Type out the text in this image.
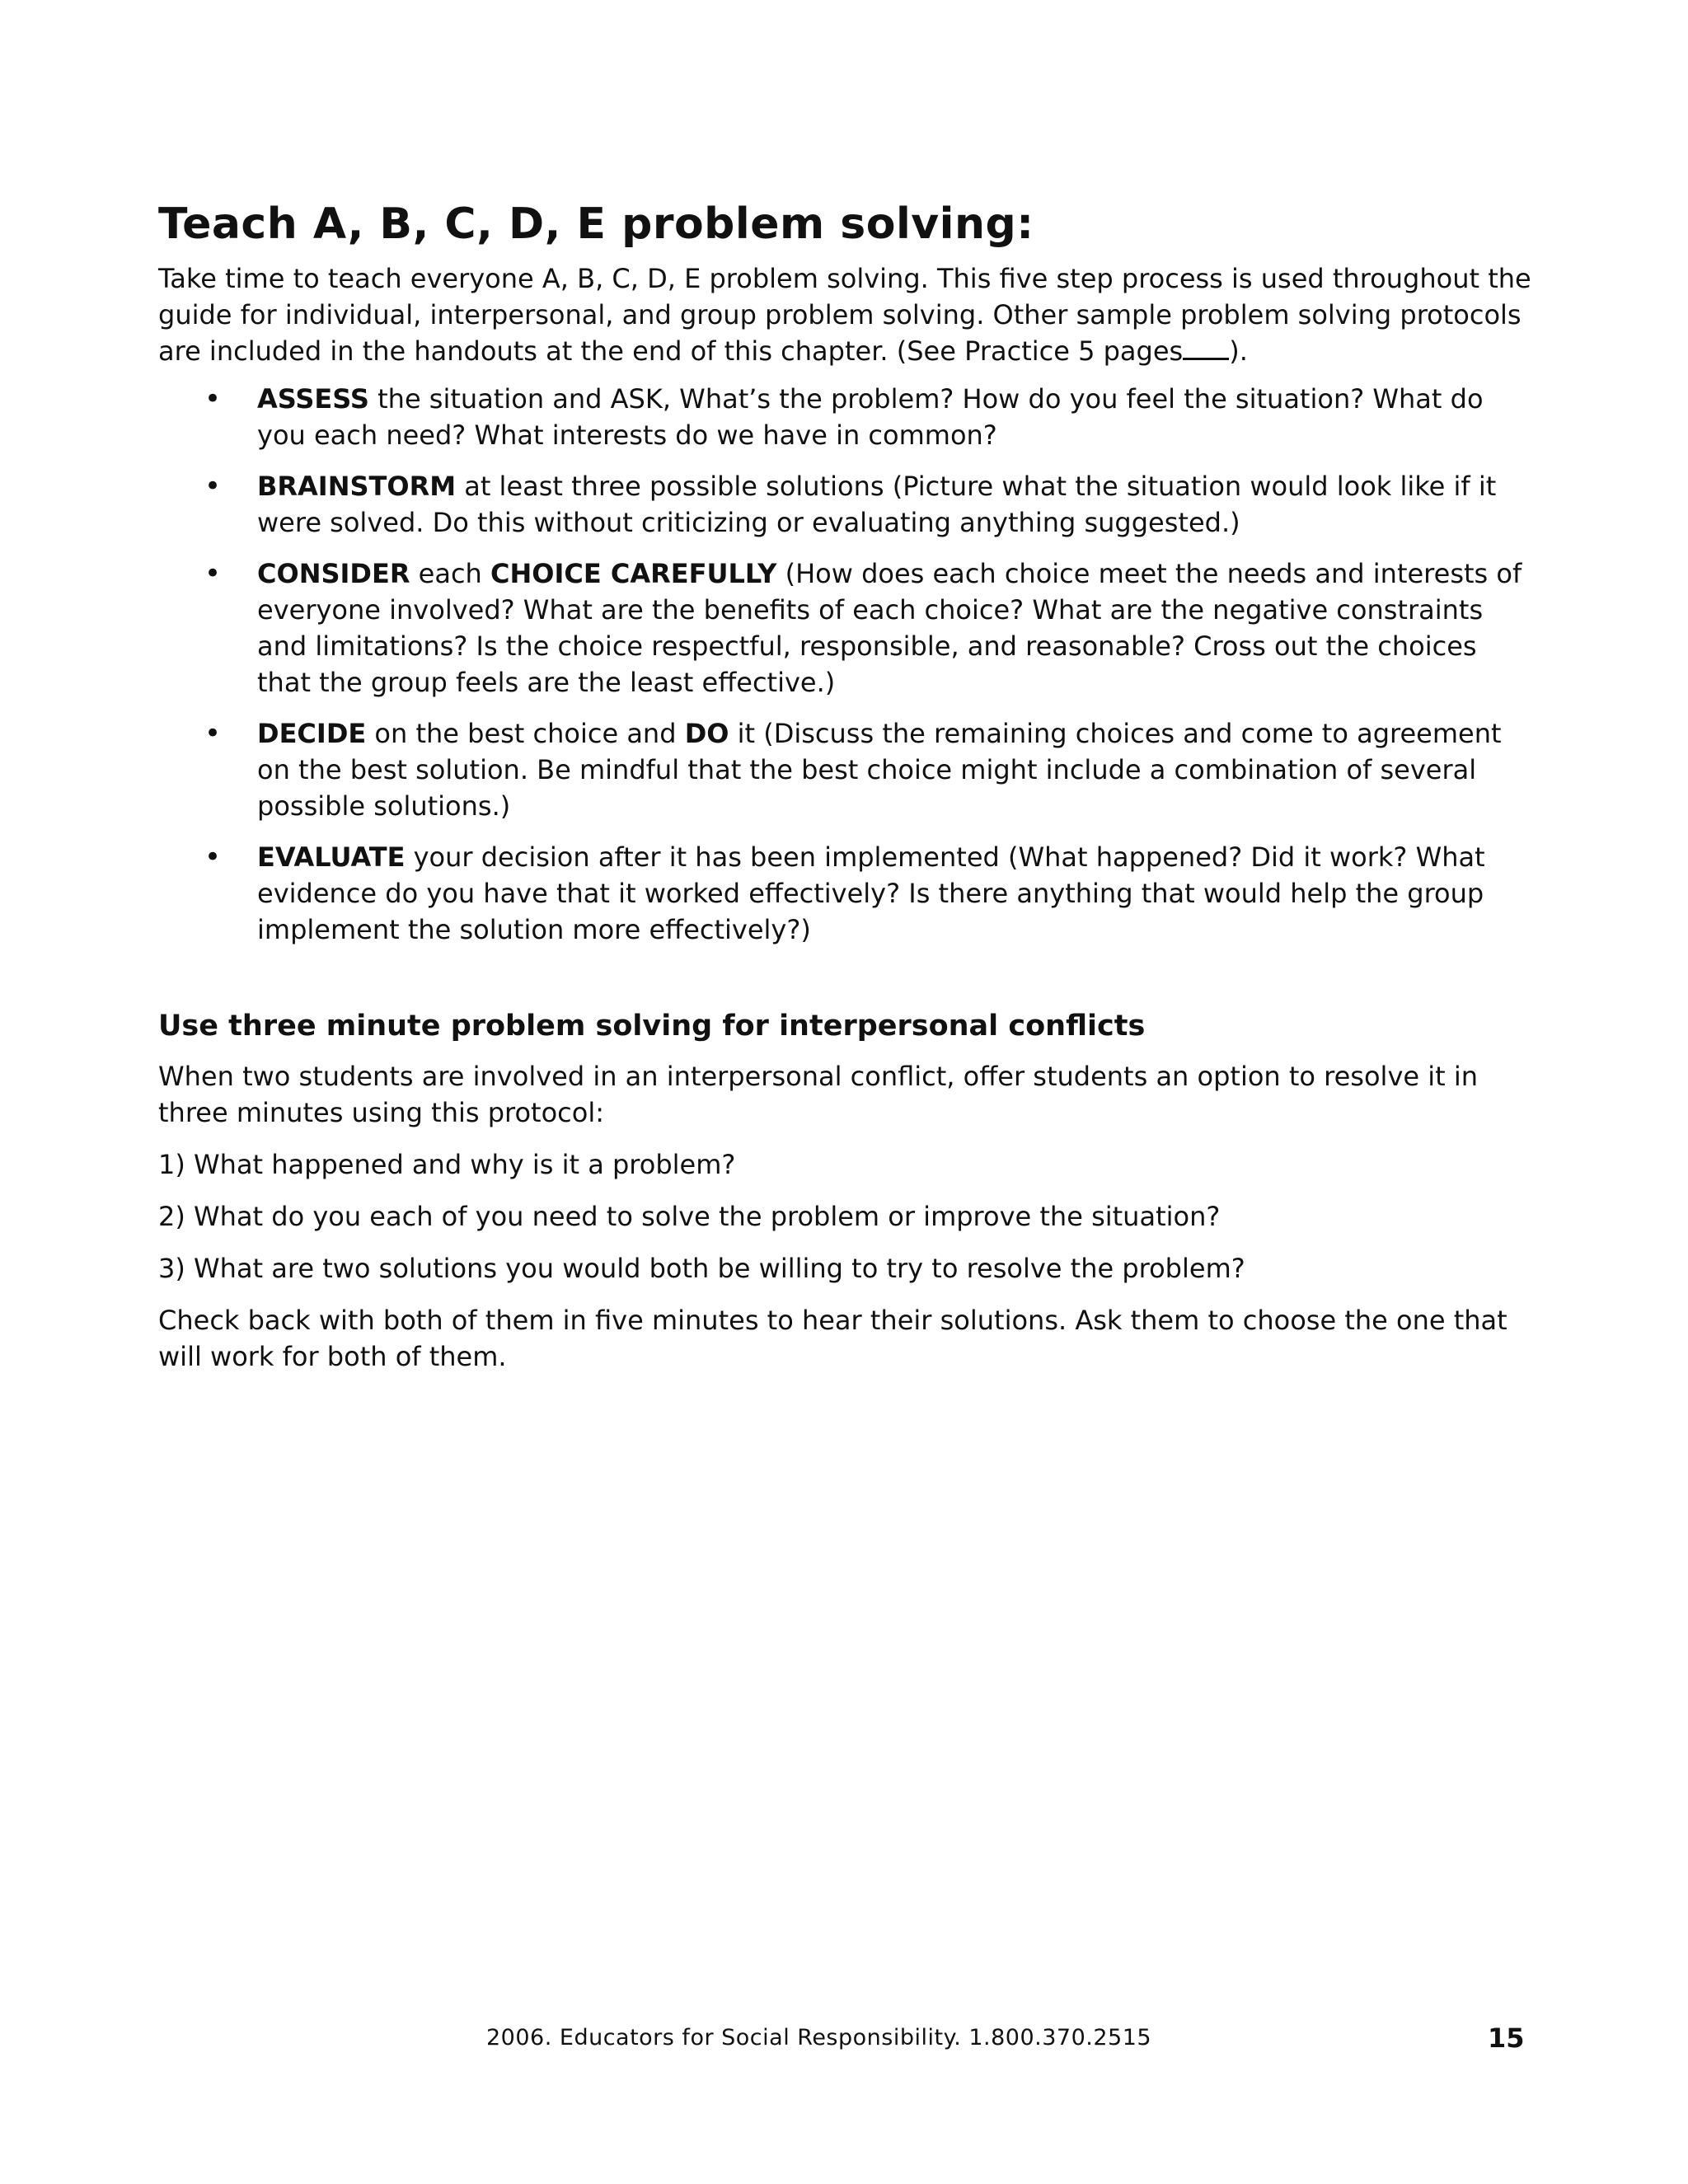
Teach A, B, C, D, E problem solving:

Take time to teach everyone A, B, C, D, E problem solving. This five step process is used throughout the guide for individual, interpersonal, and group problem solving. Other sample problem solving protocols are included in the handouts at the end of this chapter. (See Practice 5 pages ).

• ASSESS the situation and ASK, What’s the problem? How do you feel the situation? What do you each need? What interests do we have in common?
• BRAINSTORM at least three possible solutions (Picture what the situation would look like if it were solved. Do this without criticizing or evaluating anything suggested.)
• CONSIDER each CHOICE CAREFULLY (How does each choice meet the needs and interests of everyone involved? What are the benefits of each choice? What are the negative constraints and limitations? Is the choice respectful, responsible, and reasonable? Cross out the choices that the group feels are the least effective.)
• DECIDE on the best choice and DO it (Discuss the remaining choices and come to agreement on the best solution. Be mindful that the best choice might include a combination of several possible solutions.)
• EVALUATE your decision after it has been implemented (What happened? Did it work? What evidence do you have that it worked effectively? Is there anything that would help the group implement the solution more effectively?)
Use three minute problem solving for interpersonal conflicts

When two students are involved in an interpersonal conflict, offer students an option to resolve it in three minutes using this protocol:

1) What happened and why is it a problem?

2) What do you each of you need to solve the problem or improve the situation?

3) What are two solutions you would both be willing to try to resolve the problem?

Check back with both of them in five minutes to hear their solutions. Ask them to choose the one that will work for both of them.

2006. Educators for Social Responsibility. 1.800.370.2515	15
